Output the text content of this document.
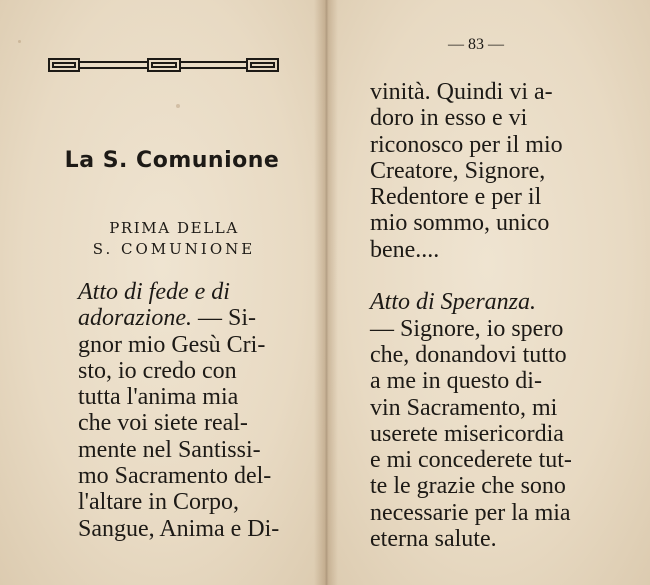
La S. Comunione
PRIMA DELLA
S. COMUNIONE
Atto di fede e di
adorazione. — Si-
gnor mio Gesù Cri-
sto, io credo con
tutta l'anima mia
che voi siete real-
mente nel Santissi-
mo Sacramento del-
l'altare in Corpo,
Sangue, Anima e Di-
— 83 —
vinità. Quindi vi a-
doro in esso e vi
riconosco per il mio
Creatore, Signore,
Redentore e per il
mio sommo, unico
bene....
Atto di Speranza.
— Signore, io spero
che, donandovi tutto
a me in questo di-
vin Sacramento, mi
userete misericordia
e mi concederete tut-
te le grazie che sono
necessarie per la mia
eterna salute.
